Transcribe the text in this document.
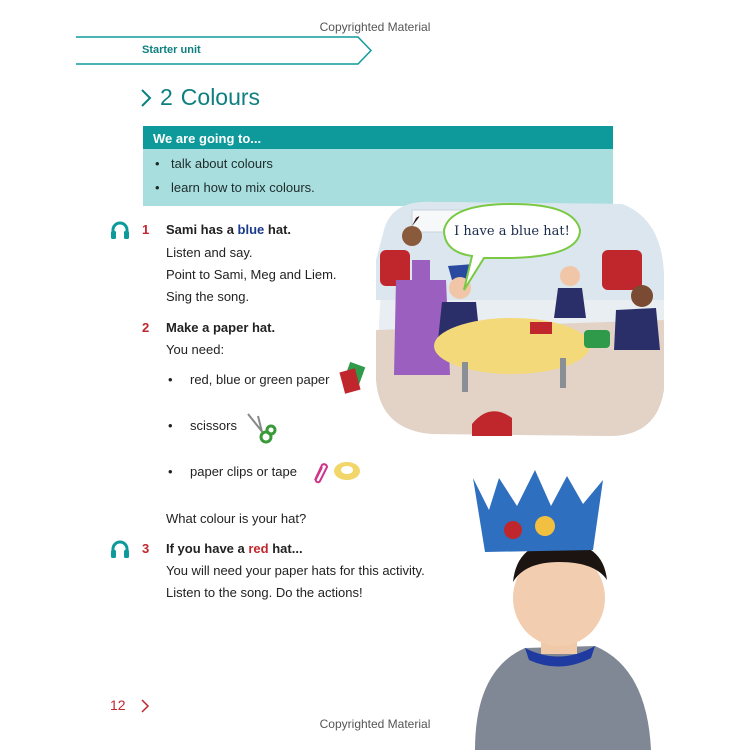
Copyrighted Material
Copyrighted Material
Starter unit
2 Colours
We are going to...
• talk about colours
• learn how to mix colours.
1 Sami has a blue hat.
Listen and say.
Point to Sami, Meg and Liem.
Sing the song.
2 Make a paper hat.
You need:
• red, blue or green paper
• scissors
• paper clips or tape
What colour is your hat?
3 If you have a red hat...
You will need your paper hats for this activity.
Listen to the song. Do the actions!
I have a blue hat!
12
